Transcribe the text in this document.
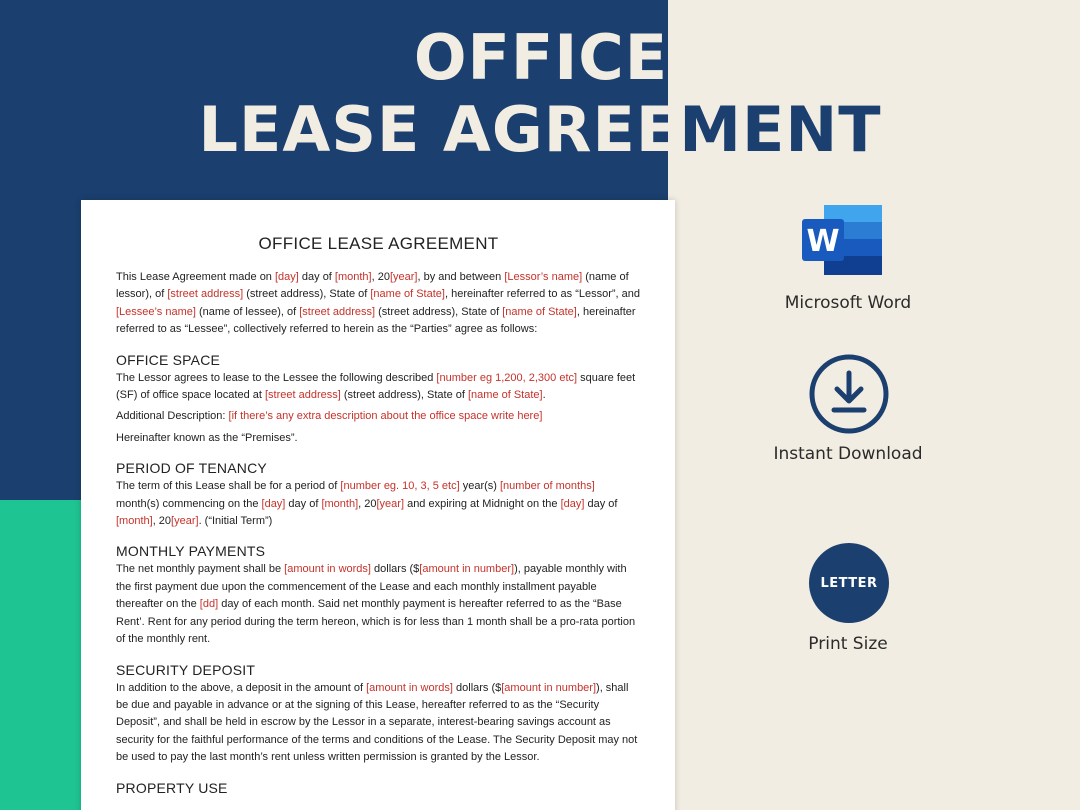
OFFICE
LEASE AGREEMENT
OFFICE LEASE AGREEMENT
This Lease Agreement made on [day] day of [month], 20[year], by and between [Lessor’s name] (name of lessor), of [street address] (street address), State of [name of State], hereinafter referred to as “Lessor”, and [Lessee’s name] (name of lessee), of [street address] (street address), State of [name of State], hereinafter referred to as “Lessee”, collectively referred to herein as the “Parties” agree as follows:
OFFICE SPACE
The Lessor agrees to lease to the Lessee the following described [number eg 1,200, 2,300 etc] square feet (SF) of office space located at [street address] (street address), State of [name of State].
Additional Description: [if there’s any extra description about the office space write here]
Hereinafter known as the “Premises”.
PERIOD OF TENANCY
The term of this Lease shall be for a period of [number eg. 10, 3, 5 etc] year(s) [number of months] month(s) commencing on the [day] day of [month], 20[year] and expiring at Midnight on the [day] day of [month], 20[year]. (“Initial Term”)
MONTHLY PAYMENTS
The net monthly payment shall be [amount in words] dollars ($[amount in number]), payable monthly with the first payment due upon the commencement of the Lease and each monthly installment payable thereafter on the [dd] day of each month. Said net monthly payment is hereafter referred to as the “Base Rent’. Rent for any period during the term hereon, which is for less than 1 month shall be a pro-rata portion of the monthly rent.
SECURITY DEPOSIT
In addition to the above, a deposit in the amount of [amount in words] dollars ($[amount in number]), shall be due and payable in advance or at the signing of this Lease, hereafter referred to as the “Security Deposit”, and shall be held in escrow by the Lessor in a separate, interest-bearing savings account as security for the faithful performance of the terms and conditions of the Lease. The Security Deposit may not be used to pay the last month’s rent unless written permission is granted by the Lessor.
PROPERTY USE
W
Microsoft Word
Instant Download
LETTER
Print Size
